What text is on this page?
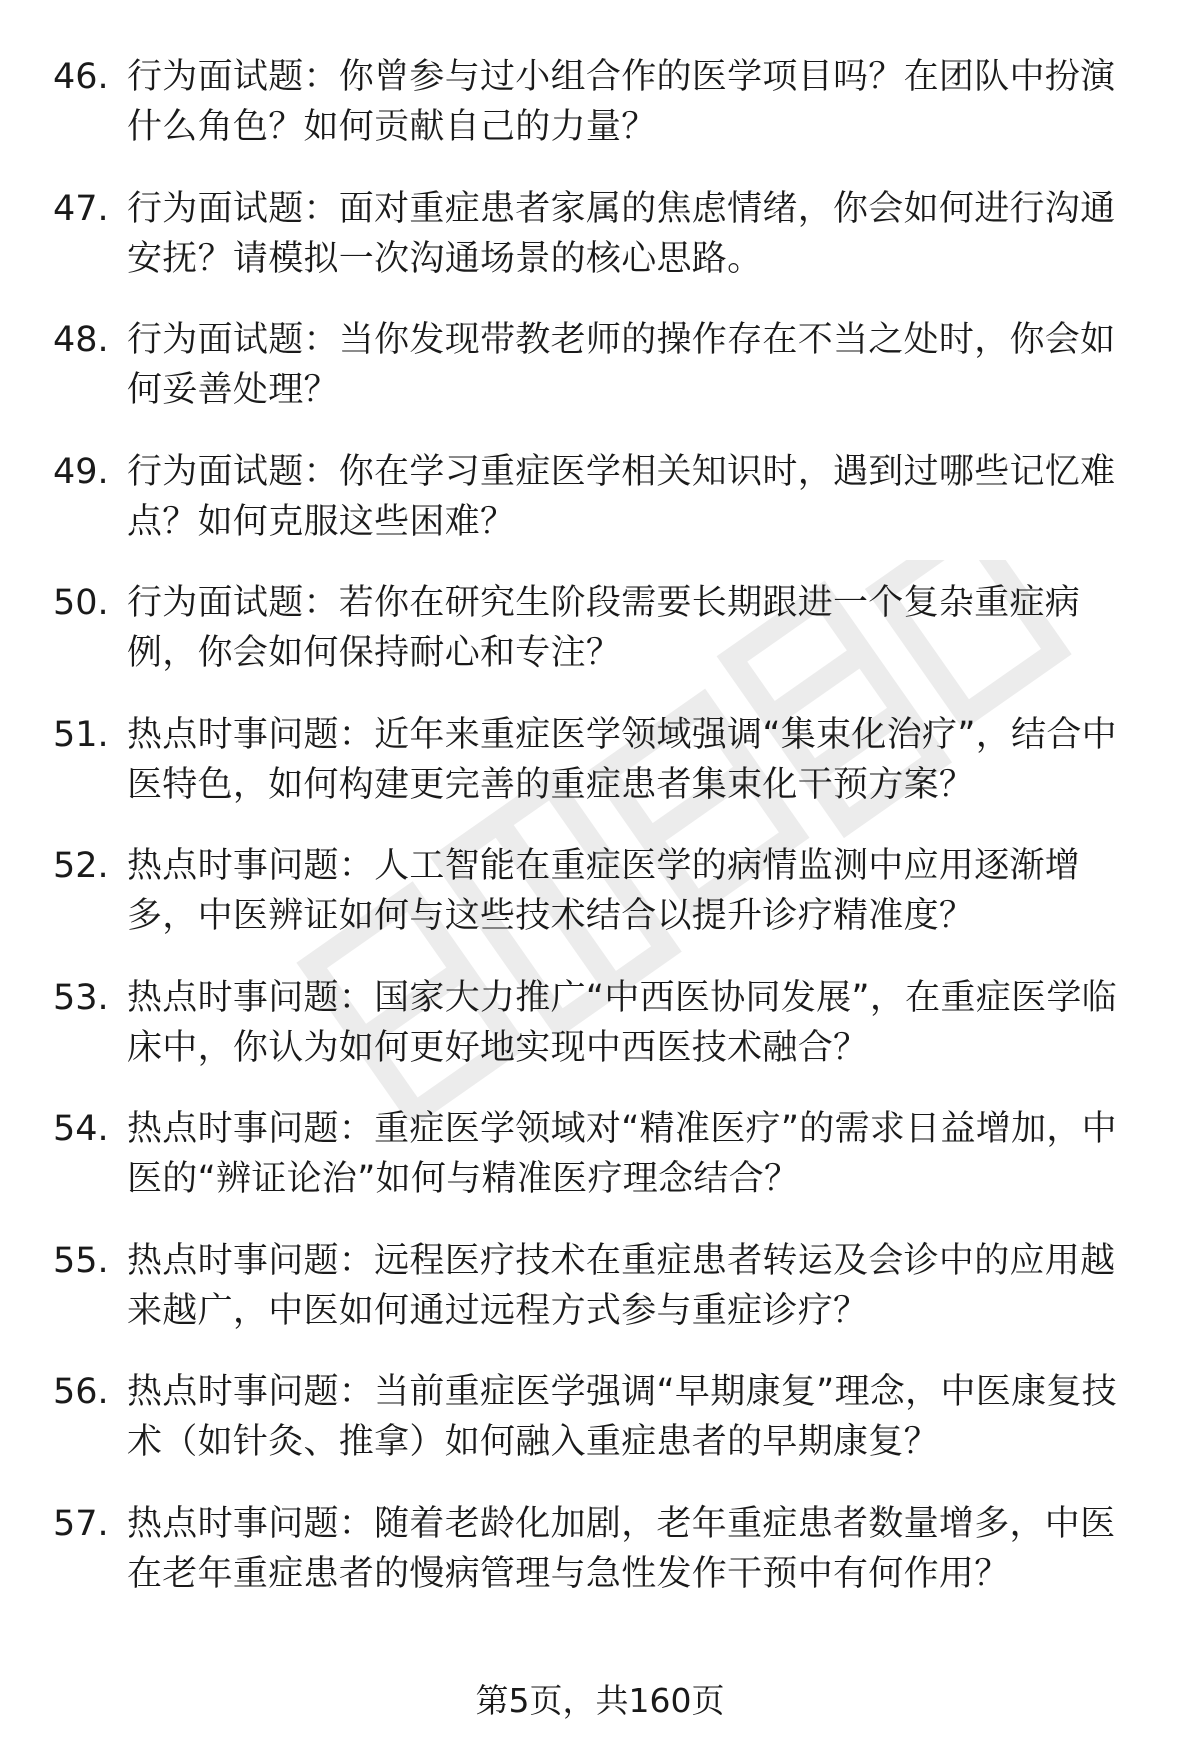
46. 行为面试题：你曾参与过小组合作的医学项目吗？在团队中扮演什么角色？如何贡献自己的力量？
47. 行为面试题：面对重症患者家属的焦虑情绪，你会如何进行沟通安抚？请模拟一次沟通场景的核心思路。
48. 行为面试题：当你发现带教老师的操作存在不当之处时，你会如何妥善处理？
49. 行为面试题：你在学习重症医学相关知识时，遇到过哪些记忆难点？如何克服这些困难？
50. 行为面试题：若你在研究生阶段需要长期跟进一个复杂重症病例，你会如何保持耐心和专注？
51. 热点时事问题：近年来重症医学领域强调“集束化治疗”，结合中医特色，如何构建更完善的重症患者集束化干预方案？
52. 热点时事问题：人工智能在重症医学的病情监测中应用逐渐增多，中医辨证如何与这些技术结合以提升诊疗精准度？
53. 热点时事问题：国家大力推广“中西医协同发展”，在重症医学临床中，你认为如何更好地实现中西医技术融合？
54. 热点时事问题：重症医学领域对“精准医疗”的需求日益增加，中医的“辨证论治”如何与精准医疗理念结合？
55. 热点时事问题：远程医疗技术在重症患者转运及会诊中的应用越来越广，中医如何通过远程方式参与重症诊疗？
56. 热点时事问题：当前重症医学强调“早期康复”理念，中医康复技术（如针灸、推拿）如何融入重症患者的早期康复？
57. 热点时事问题：随着老龄化加剧，老年重症患者数量增多，中医在老年重症患者的慢病管理与急性发作干预中有何作用？
第5页，共160页
